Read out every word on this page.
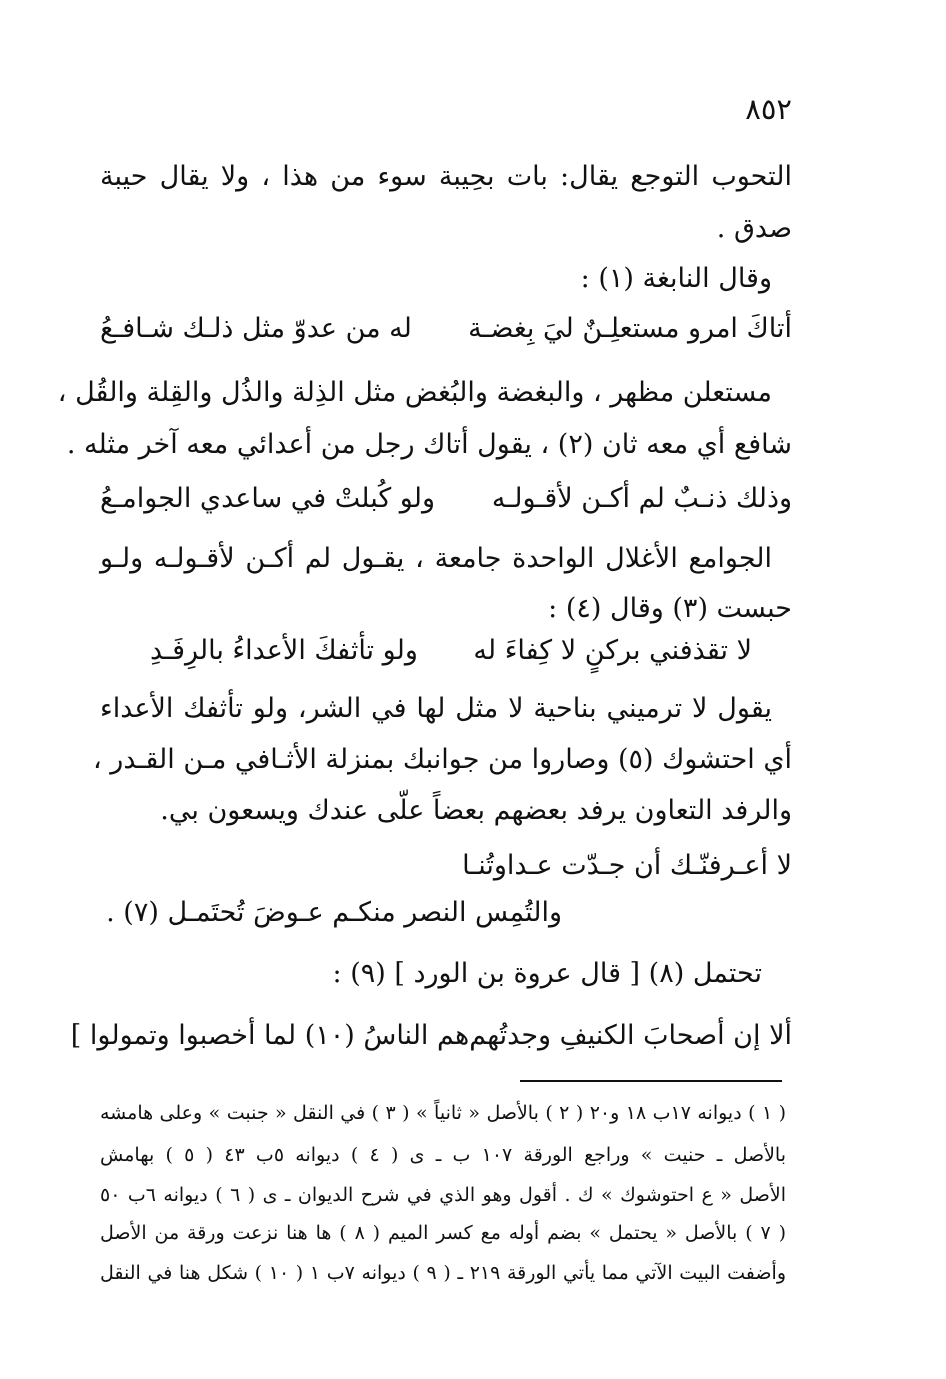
٨٥٢
التحوب التوجع يقال: بات بحِيبة سوء من هذا ، ولا يقال حيبة
صدق .
وقال النابغة (١) :
أتاكَ امرو مستعلِـنٌ ليَ بِغضـة
له من عدوّ مثل ذلـك شـافـعُ
مستعلن مظهر ، والبغضة والبُغض مثل الذِلة والذُل والقِلة والقُل ،
شافع أي معه ثان (٢) ، يقول أتاك رجل من أعدائي معه آخر مثله .
وذلك ذنـبٌ لم أكـن لأقـولـه
ولو كُبلتْ في ساعدي الجوامـعُ
الجوامع الأغلال الواحدة جامعة ، يقـول لم أكـن لأقـولـه ولـو
حبست (٣) وقال (٤) :
لا تقذفني بركنٍ لا كِفاءَ له
ولو تأثفكَ الأعداءُ بالرِفَـدِ
يقول لا ترميني بناحية لا مثل لها في الشر، ولو تأثفك الأعداء
أي احتشوك (٥) وصاروا من جوانبك بمنزلة الأثـافي مـن القـدر ،
والرفد التعاون يرفد بعضهم بعضاً علّى عندك ويسعون بي.
لا أعـرفنّـك أن جـدّت عـداوتُنـا
والتُمِس النصر منكـم عـوضَ تُحتَمـل (٧) .
تحتمل (٨) [ قال عروة بن الورد ] (٩) :
ألا إن أصحابَ الكنيفِ وجدتُهم
هم الناسُ (١٠) لما أخصبوا وتمولوا ]
( ١ ) ديوانه ١٧ب ١٨ و٢٠ ( ٢ ) بالأصل « ثانياً » ( ٣ ) في النقل « جنبت » وعلى هامشه
بالأصل ـ حنيت » وراجع الورقة ١٠٧ ب ـ ى ( ٤ ) ديوانه ٥ب ٤٣ ( ٥ ) بهامش
الأصل « ع احتوشوك » ك . أقول وهو الذي في شرح الديوان ـ ى ( ٦ ) ديوانه ٦ب ٥٠
( ٧ ) بالأصل « يحتمل » بضم أوله مع كسر الميم ( ٨ ) ها هنا نزعت ورقة من الأصل
وأضفت البيت الآتي مما يأتي الورقة ٢١٩ ـ ( ٩ ) ديوانه ٧ب ١ ( ١٠ ) شكل هنا في النقل
